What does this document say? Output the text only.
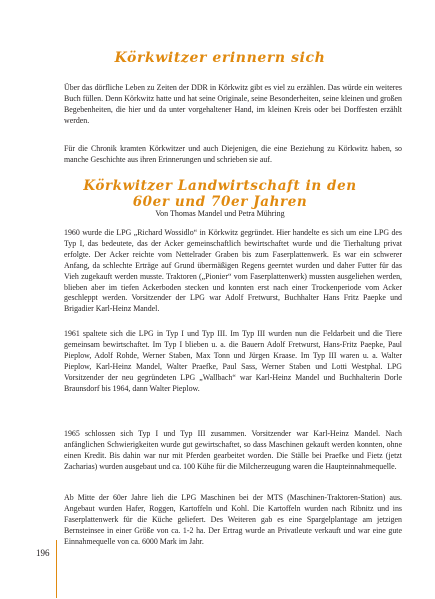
Körkwitzer erinnern sich

Über das dörfliche Leben zu Zeiten der DDR in Körkwitz gibt es viel zu erzählen. Das würde ein weiteres Buch füllen. Denn Körkwitz hatte und hat seine Originale, seine Besonderheiten, seine kleinen und großen Begebenheiten, die hier und da unter vorgehaltener Hand, im kleinen Kreis oder bei Dorffesten erzählt werden.

Für die Chronik kramten Körkwitzer und auch Diejenigen, die eine Beziehung zu Körkwitz haben, so manche Geschichte aus ihren Erinnerungen und schrieben sie auf.

Körkwitzer Landwirtschaft in den
60er und 70er Jahren
Von Thomas Mandel und Petra Mühring

1960 wurde die LPG „Richard Wossidlo“ in Körkwitz gegründet. Hier handelte es sich um eine LPG des Typ I, das bedeutete, das der Acker gemeinschaftlich bewirtschaftet wurde und die Tierhaltung privat erfolgte. Der Acker reichte vom Nettelrader Graben bis zum Faserplattenwerk. Es war ein schwerer Anfang, da schlechte Erträge auf Grund übermäßigen Regens geerntet wurden und daher Futter für das Vieh zugekauft werden musste. Traktoren („Pionier“ vom Faserplattenwerk) mussten ausgeliehen werden, blieben aber im tiefen Ackerboden stecken und konnten erst nach einer Trockenperiode vom Acker geschleppt werden. Vorsitzender der LPG war Adolf Fretwurst, Buchhalter Hans Fritz Paepke und Brigadier Karl-Heinz Mandel.

1961 spaltete sich die LPG in Typ I und Typ III. Im Typ III wurden nun die Feldarbeit und die Tiere gemeinsam bewirtschaftet. Im Typ I blieben u. a. die Bauern Adolf Fretwurst, Hans-Fritz Paepke, Paul Pieplow, Adolf Rohde, Werner Staben, Max Tonn und Jürgen Kraase. Im Typ III waren u. a. Walter Pieplow, Karl-Heinz Mandel, Walter Praefke, Paul Sass, Werner Staben und Lotti Westphal. LPG Vorsitzender der neu gegründeten LPG „Wallbach“ war Karl-Heinz Mandel und Buchhalterin Dorle Braunsdorf bis 1964, dann Walter Pieplow.

1965 schlossen sich Typ I und Typ III zusammen. Vorsitzender war Karl-Heinz Mandel. Nach anfänglichen Schwierigkeiten wurde gut gewirtschaftet, so dass Maschinen gekauft werden konnten, ohne einen Kredit. Bis dahin war nur mit Pferden gearbeitet worden. Die Ställe bei Praefke und Fietz (jetzt Zacharias) wurden ausgebaut und ca. 100 Kühe für die Milcherzeugung waren die Haupteinnahmequelle.

Ab Mitte der 60er Jahre lieh die LPG Maschinen bei der MTS (Maschinen-Traktoren-Station) aus. Angebaut wurden Hafer, Roggen, Kartoffeln und Kohl. Die Kartoffeln wurden nach Ribnitz und ins Faserplattenwerk für die Küche geliefert. Des Weiteren gab es eine Spargelplantage am jetzigen Bernsteinsee in einer Größe von ca. 1-2 ha. Der Ertrag wurde an Privatleute verkauft und war eine gute Einnahmequelle von ca. 6000 Mark im Jahr.

196
